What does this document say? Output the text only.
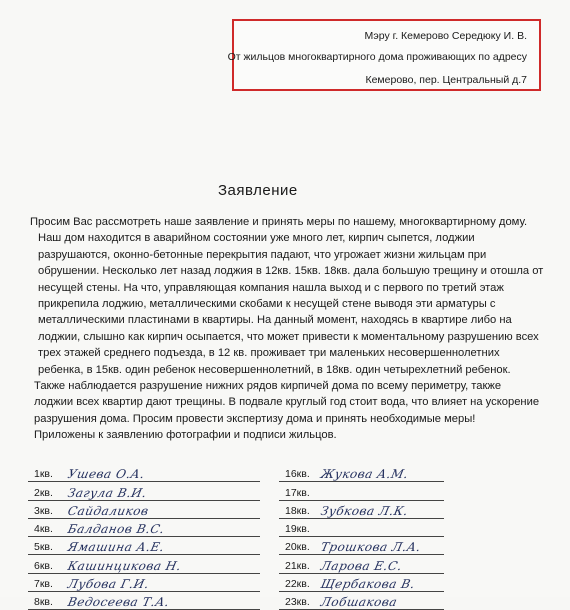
Мэру г. Кемерово Середюку И. В.
От жильцов многоквартирного дома проживающих по адресу
Кемерово, пер. Центральный д.7
Заявление
Просим Вас рассмотреть наше заявление и принять меры по нашему, многоквартирному дому.
Наш дом находится в аварийном состоянии уже много лет, кирпич сыпется, лоджии
разрушаются, оконно-бетонные перекрытия падают, что угрожает жизни жильцам при
обрушении. Несколько лет назад лоджия в 12кв. 15кв. 18кв. дала большую трещину и отошла от
несущей стены. На что, управляющая компания нашла выход и с первого по третий этаж
прикрепила лоджию, металлическими скобами к несущей стене выводя эти арматуры с
металлическими пластинами в квартиры. На данный момент, находясь в квартире либо на
лоджии, слышно как кирпич осыпается, что может привести к моментальному разрушению всех
трех этажей среднего подъезда, в 12 кв. проживает три маленьких несовершеннолетних
ребенка, в 15кв. один ребенок несовершеннолетний, в 18кв. один четырехлетний ребенок.
Также наблюдается разрушение нижних рядов кирпичей дома по всему периметру, также
лоджии всех квартир дают трещины. В подвале круглый год стоит вода, что влияет на ускорение
разрушения дома. Просим провести экспертизу дома и принять необходимые меры!
Приложены к заявлению фотографии и подписи жильцов.
1кв. Ушева О.А.
2кв. Загула В.И.
3кв. Сайдаликов
4кв. Балданов В.С.
5кв. Ямашина А.Е.
6кв. Кашинцикова Н.
7кв. Лубова Г.И.
8кв. Ведосеева Т.А.
16кв. Жукова А.М.
17кв.
18кв. Зубкова Л.К.
19кв.
20кв. Трошкова Л.А.
21кв. Ларова Е.С.
22кв. Щербакова В.
23кв. Лобшакова
